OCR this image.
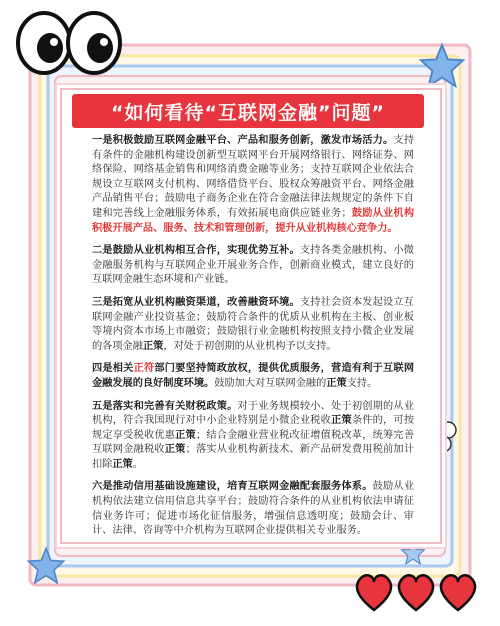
“如何看待“互联网金融”问题”

一是积极鼓励互联网金融平台、产品和服务创新，激发市场活力。支持有条件的金融机构建设创新型互联网平台开展网络银行、网络证券、网络保险、网络基金销售和网络消费金融等业务；支持互联网企业依法合规设立互联网支付机构、网络借贷平台、股权众筹融资平台、网络金融产品销售平台；鼓励电子商务企业在符合金融法律法规规定的条件下自建和完善线上金融服务体系，有效拓展电商供应链业务；鼓励从业机构积极开展产品、服务、技术和管理创新，提升从业机构核心竞争力。

二是鼓励从业机构相互合作，实现优势互补。支持各类金融机构、小微金融服务机构与互联网企业开展业务合作，创新商业模式，建立良好的互联网金融生态环境和产业链。

三是拓宽从业机构融资渠道，改善融资环境。支持社会资本发起设立互联网金融产业投资基金；鼓励符合条件的优质从业机构在主板、创业板等境内资本市场上市融资；鼓励银行业金融机构按照支持小微企业发展的各项金融正策，对处于初创期的从业机构予以支持。

四是相关正符部门要坚持简政放权，提供优质服务，营造有利于互联网金融发展的良好制度环境。鼓励加大对互联网金融的正策支持。

五是落实和完善有关财税政策。对于业务规模较小、处于初创期的从业机构，符合我国现行对中小企业特别是小微企业税收正策条件的，可按规定享受税收优惠正策；结合金融业营业税改征增值税改革，统筹完善互联网金融税收正策；落实从业机构新技术、新产品研发费用税前加计扣除正策。

六是推动信用基础设施建设，培育互联网金融配套服务体系。鼓励从业机构依法建立信用信息共享平台；鼓励符合条件的从业机构依法申请征信业务许可；促进市场化征信服务，增强信息透明度；鼓励会计、审计、法律、咨询等中介机构为互联网企业提供相关专业服务。
